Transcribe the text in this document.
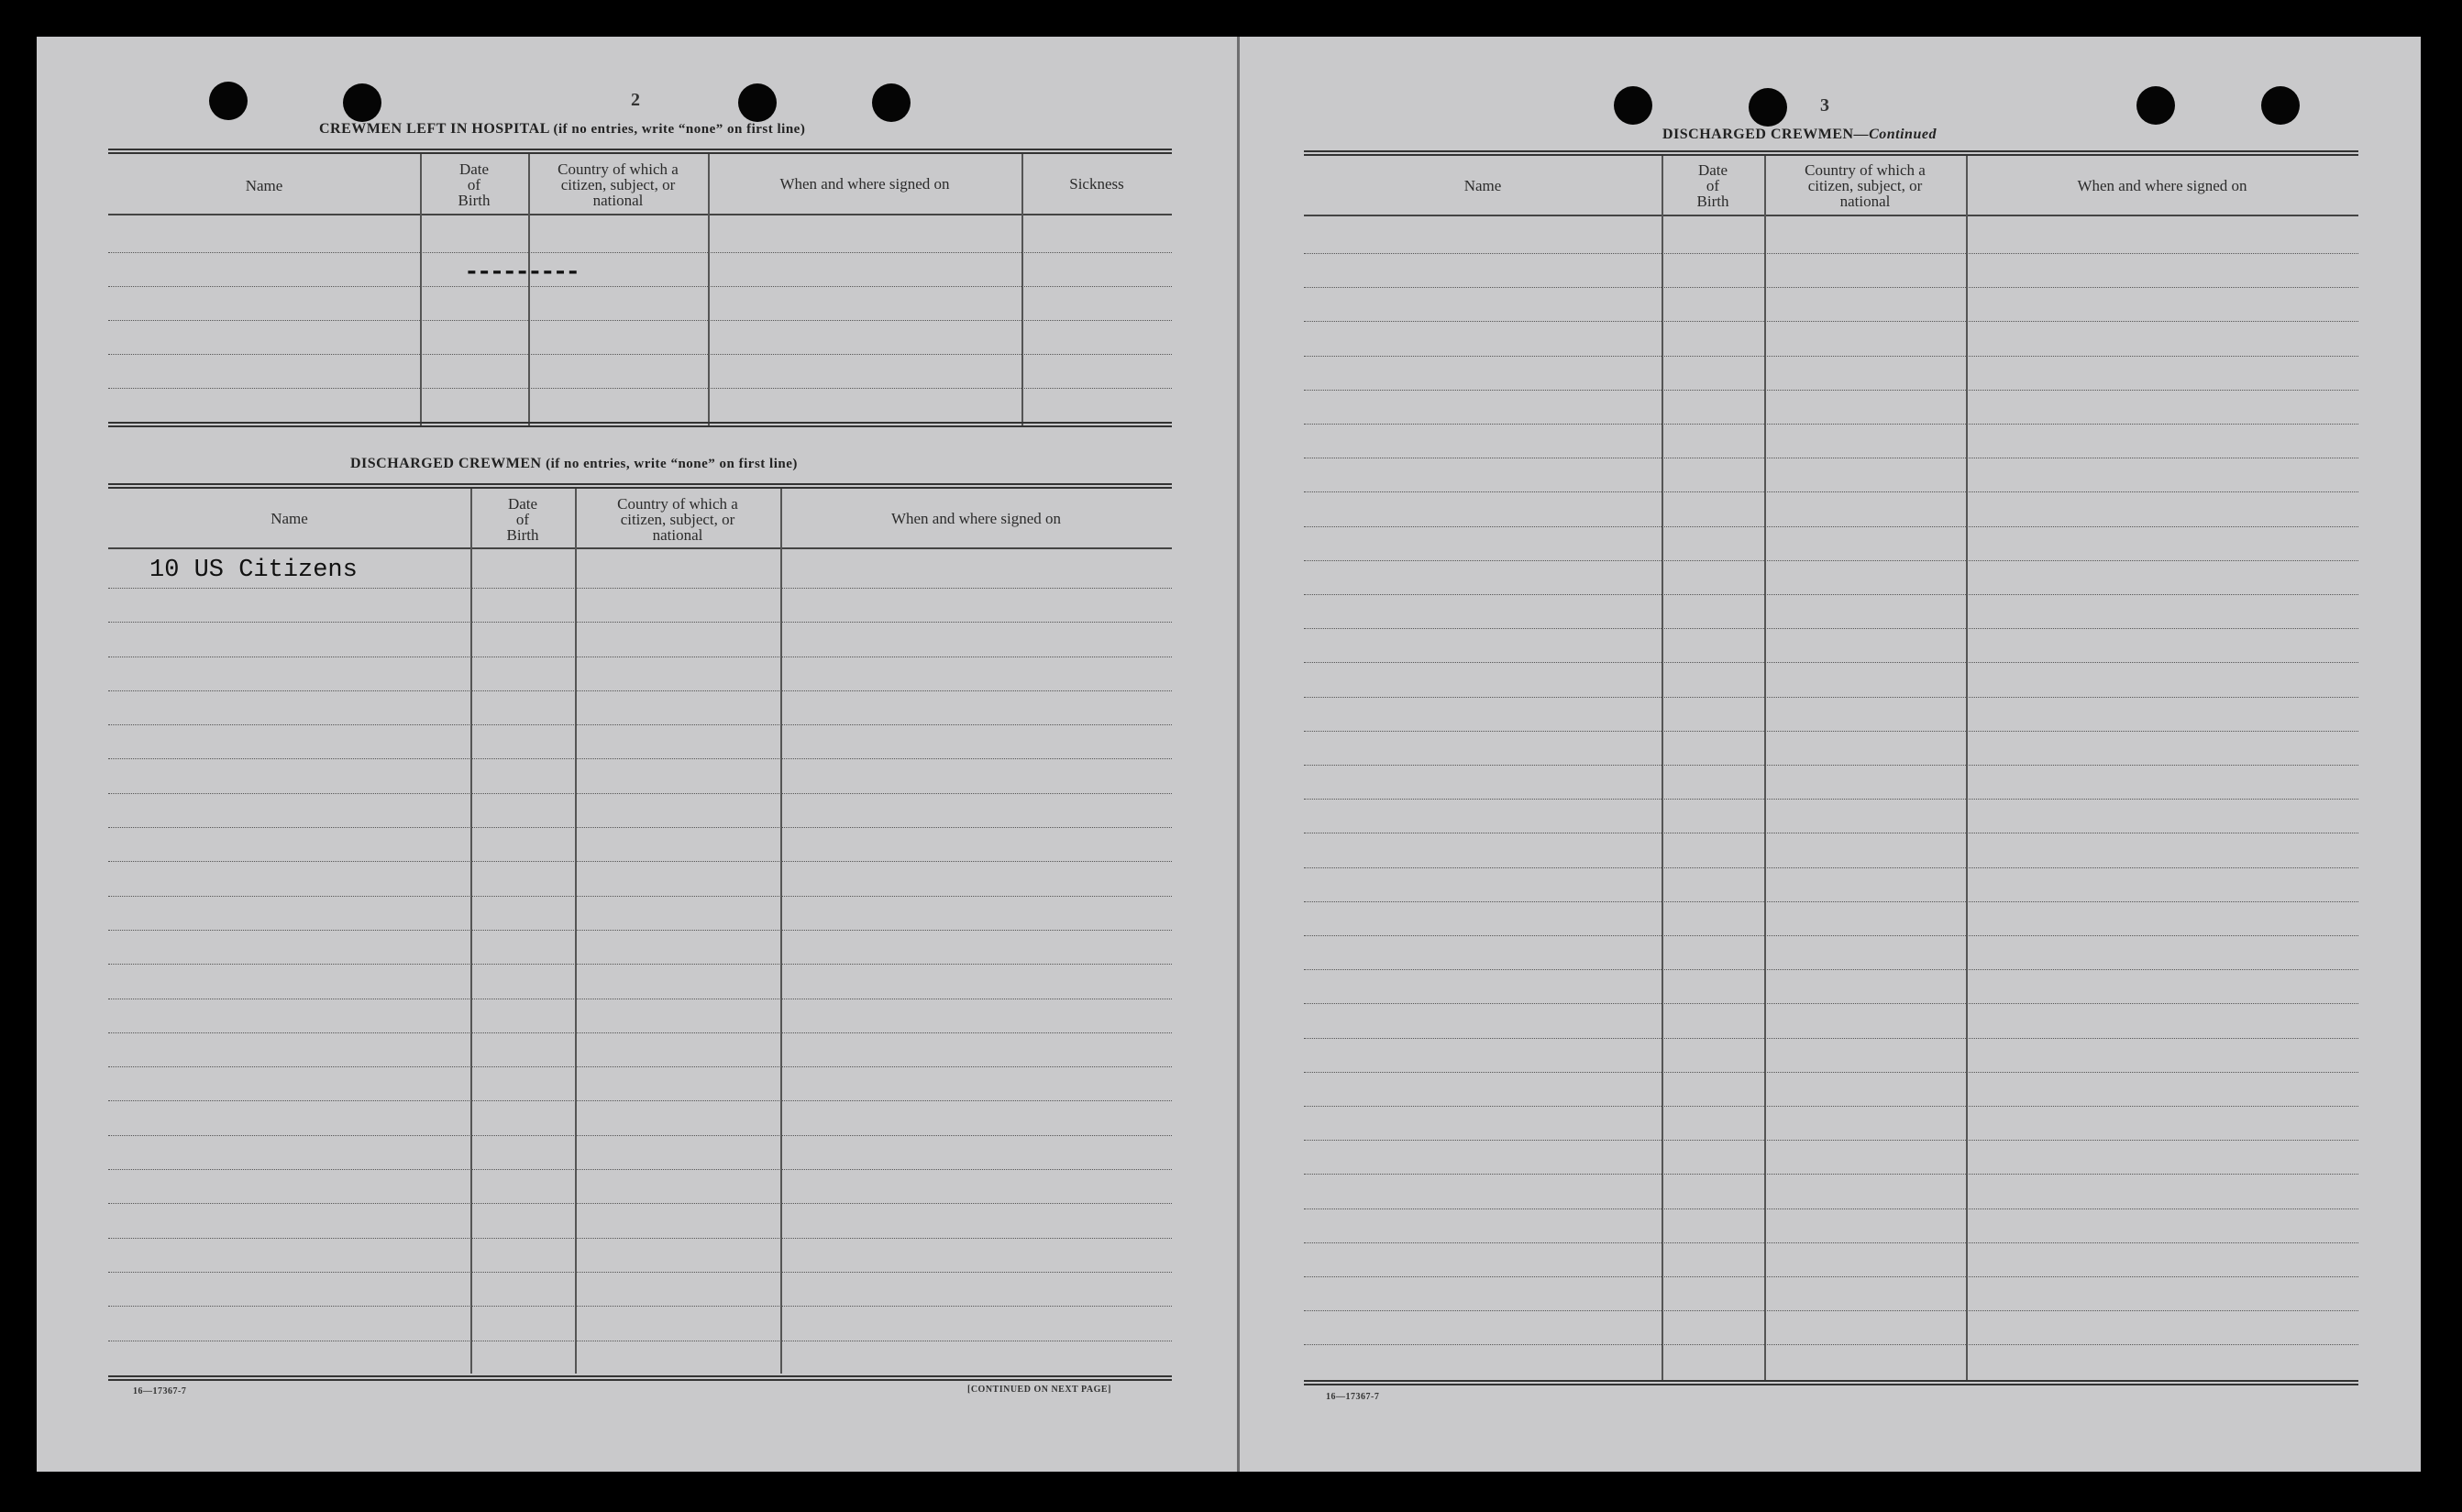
2
CREWMEN LEFT IN HOSPITAL (if no entries, write “none” on first line)
Name
Date
of
Birth
Country of which a
citizen, subject, or
national
When and where signed on	Sickness
---------
DISCHARGED CREWMEN (if no entries, write “none” on first line)
Name
Date
of
Birth
Country of which a
citizen, subject, or
national
When and where signed on
10 US Citizens
16—17367-7	[CONTINUED ON NEXT PAGE]
3
DISCHARGED CREWMEN—Continued
Name
Date
of
Birth
Country of which a
citizen, subject, or
national
When and where signed on
16—17367-7
